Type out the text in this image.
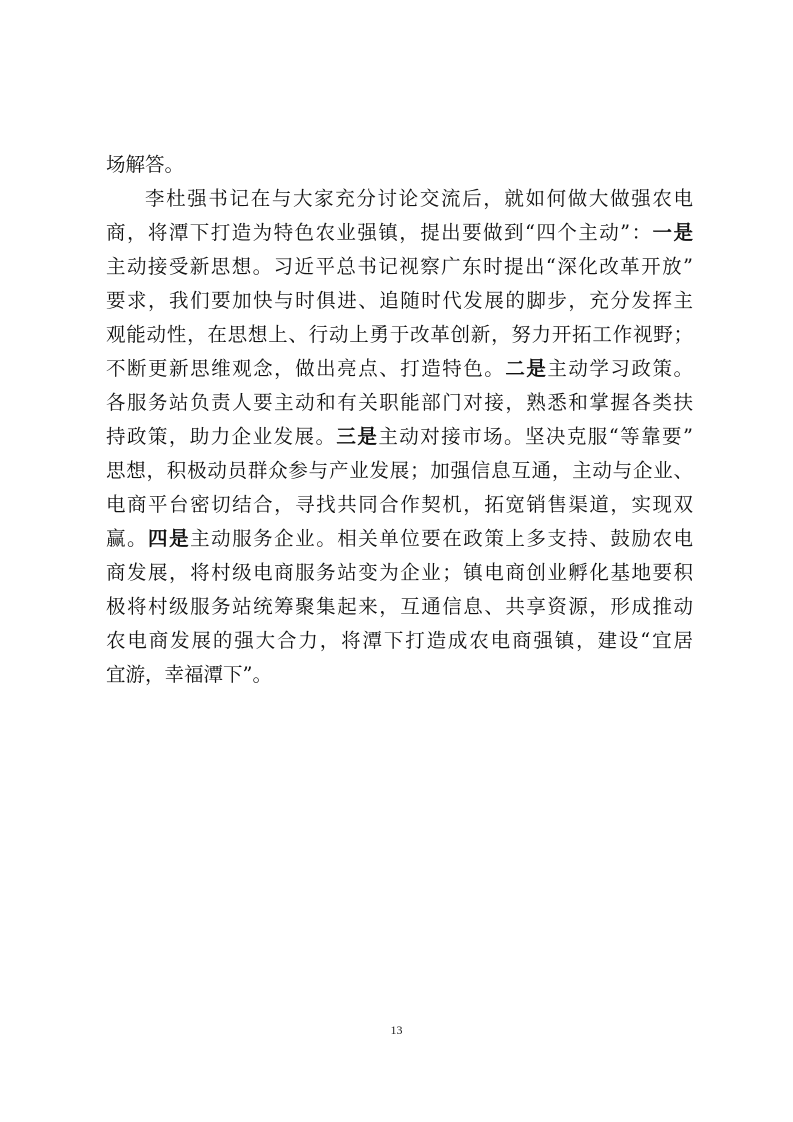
场解答。
李杜强书记在与大家充分讨论交流后，就如何做大做强农电
商，将潭下打造为特色农业强镇，提出要做到“四个主动”：一是
主动接受新思想。习近平总书记视察广东时提出“深化改革开放”
要求，我们要加快与时俱进、追随时代发展的脚步，充分发挥主
观能动性，在思想上、行动上勇于改革创新，努力开拓工作视野；
不断更新思维观念，做出亮点、打造特色。二是主动学习政策。
各服务站负责人要主动和有关职能部门对接，熟悉和掌握各类扶
持政策，助力企业发展。三是主动对接市场。坚决克服“等靠要”
思想，积极动员群众参与产业发展；加强信息互通，主动与企业、
电商平台密切结合，寻找共同合作契机，拓宽销售渠道，实现双
赢。四是主动服务企业。相关单位要在政策上多支持、鼓励农电
商发展，将村级电商服务站变为企业；镇电商创业孵化基地要积
极将村级服务站统筹聚集起来，互通信息、共享资源，形成推动
农电商发展的强大合力，将潭下打造成农电商强镇，建设“宜居
宜游，幸福潭下”。
13
